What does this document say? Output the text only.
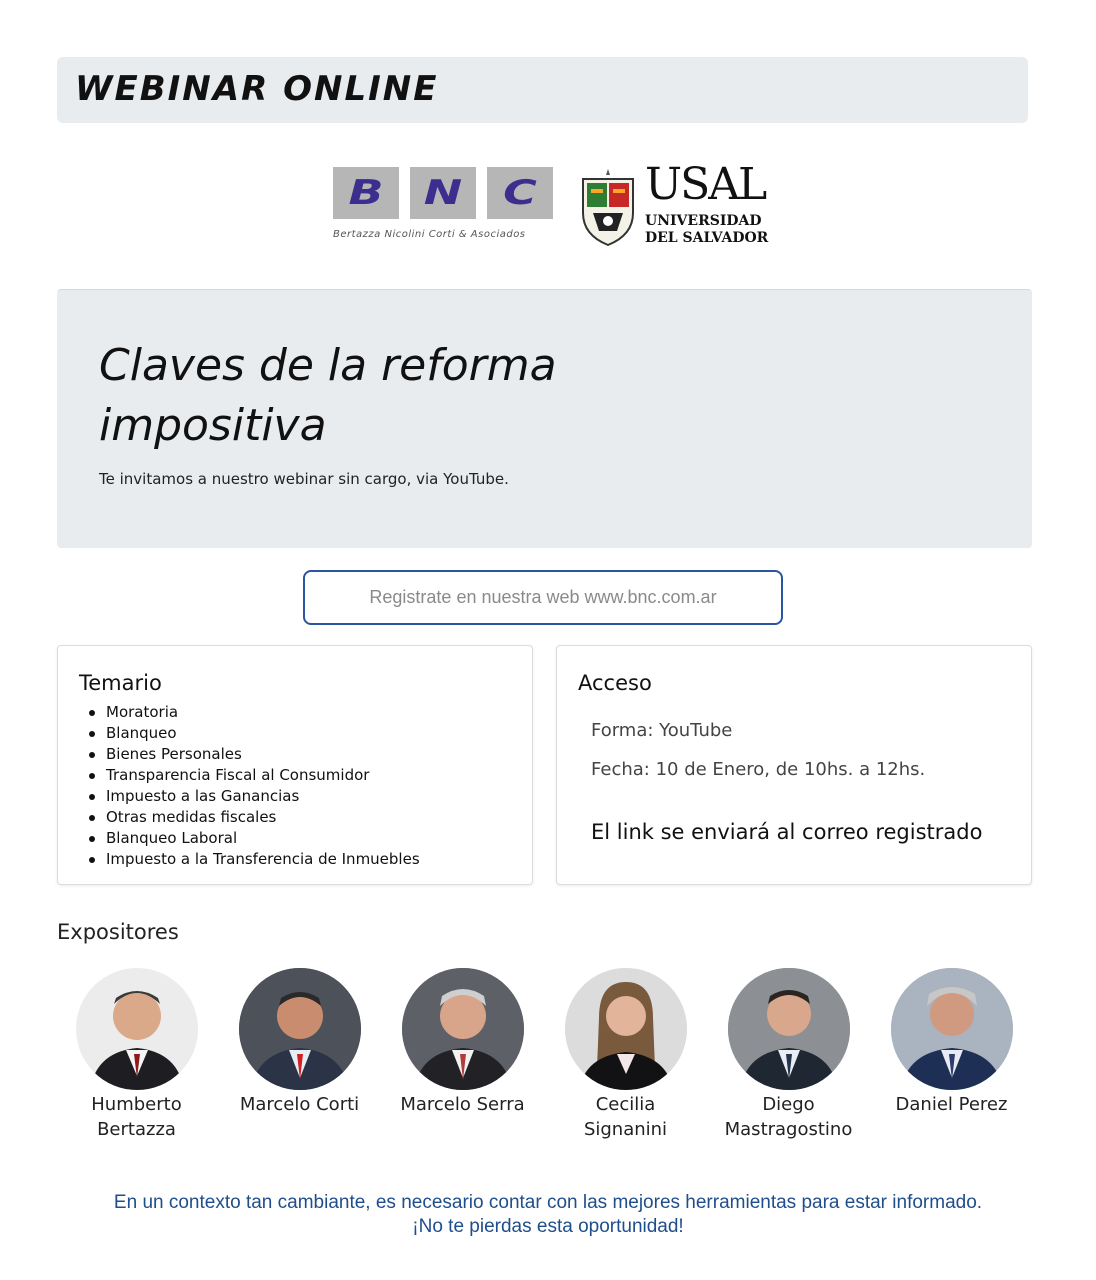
WEBINAR ONLINE
B	N	C
Bertazza Nicolini Corti & Asociados
USAL
UNIVERSIDAD
DEL SALVADOR
Claves de la reforma
impositiva
Te invitamos a nuestro webinar sin cargo, via YouTube.
Registrate en nuestra web www.bnc.com.ar
Temario
Moratoria
Blanqueo
Bienes Personales
Transparencia Fiscal al Consumidor
Impuesto a las Ganancias
Otras medidas fiscales
Blanqueo Laboral
Impuesto a la Transferencia de Inmuebles
Acceso
Forma: YouTube
Fecha: 10 de Enero, de 10hs. a 12hs.
El link se enviará al correo registrado
Expositores
Humberto
Bertazza
Marcelo Corti	Marcelo Serra	Cecilia
Signanini
Diego
Mastragostino
Daniel Perez
En un contexto tan cambiante, es necesario contar con las mejores herramientas para estar informado.
¡No te pierdas esta oportunidad!
